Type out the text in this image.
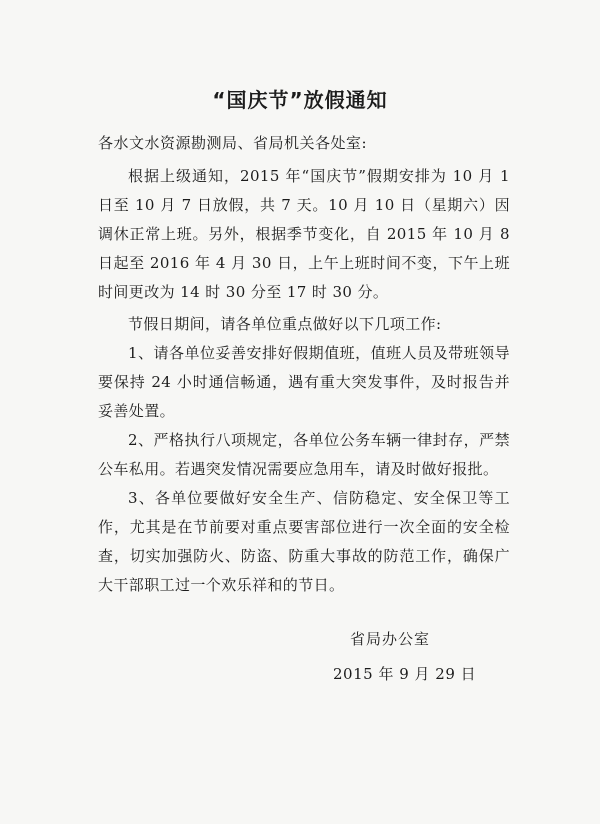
“国庆节”放假通知
各水文水资源勘测局、省局机关各处室:
根据上级通知，2015 年“国庆节”假期安排为 10 月 1 日至 10 月 7 日放假，共 7 天。10 月 10 日（星期六）因调休正常上班。另外，根据季节变化，自 2015 年 10 月 8 日起至 2016 年 4 月 30 日，上午上班时间不变，下午上班时间更改为 14 时 30 分至 17 时 30 分。
节假日期间，请各单位重点做好以下几项工作:
1、请各单位妥善安排好假期值班，值班人员及带班领导要保持 24 小时通信畅通，遇有重大突发事件，及时报告并妥善处置。
2、严格执行八项规定，各单位公务车辆一律封存，严禁公车私用。若遇突发情况需要应急用车，请及时做好报批。
3、各单位要做好安全生产、信防稳定、安全保卫等工作，尤其是在节前要对重点要害部位进行一次全面的安全检查，切实加强防火、防盗、防重大事故的防范工作，确保广大干部职工过一个欢乐祥和的节日。
省局办公室
2015 年 9 月 29 日
